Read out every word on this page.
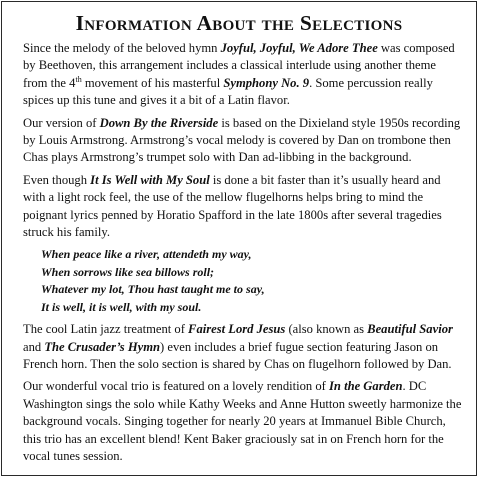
Information About the Selections

Since the melody of the beloved hymn Joyful, Joyful, We Adore Thee was composed by Beethoven, this arrangement includes a classical interlude using another theme from the 4th movement of his masterful Symphony No. 9. Some percussion really spices up this tune and gives it a bit of a Latin flavor.

Our version of Down By the Riverside is based on the Dixieland style 1950s recording by Louis Armstrong. Armstrong’s vocal melody is covered by Dan on trombone then Chas plays Armstrong’s trumpet solo with Dan ad-libbing in the background.

Even though It Is Well with My Soul is done a bit faster than it’s usually heard and with a light rock feel, the use of the mellow flugelhorns helps bring to mind the poignant lyrics penned by Horatio Spafford in the late 1800s after several tragedies struck his family.

When peace like a river, attendeth my way,
When sorrows like sea billows roll;
Whatever my lot, Thou hast taught me to say,
It is well, it is well, with my soul.

The cool Latin jazz treatment of Fairest Lord Jesus (also known as Beautiful Savior and The Crusader’s Hymn) even includes a brief fugue section featuring Jason on French horn. Then the solo section is shared by Chas on flugelhorn followed by Dan.

Our wonderful vocal trio is featured on a lovely rendition of In the Garden. DC Washington sings the solo while Kathy Weeks and Anne Hutton sweetly harmonize the background vocals. Singing together for nearly 20 years at Immanuel Bible Church, this trio has an excellent blend! Kent Baker graciously sat in on French horn for the vocal tunes session.
